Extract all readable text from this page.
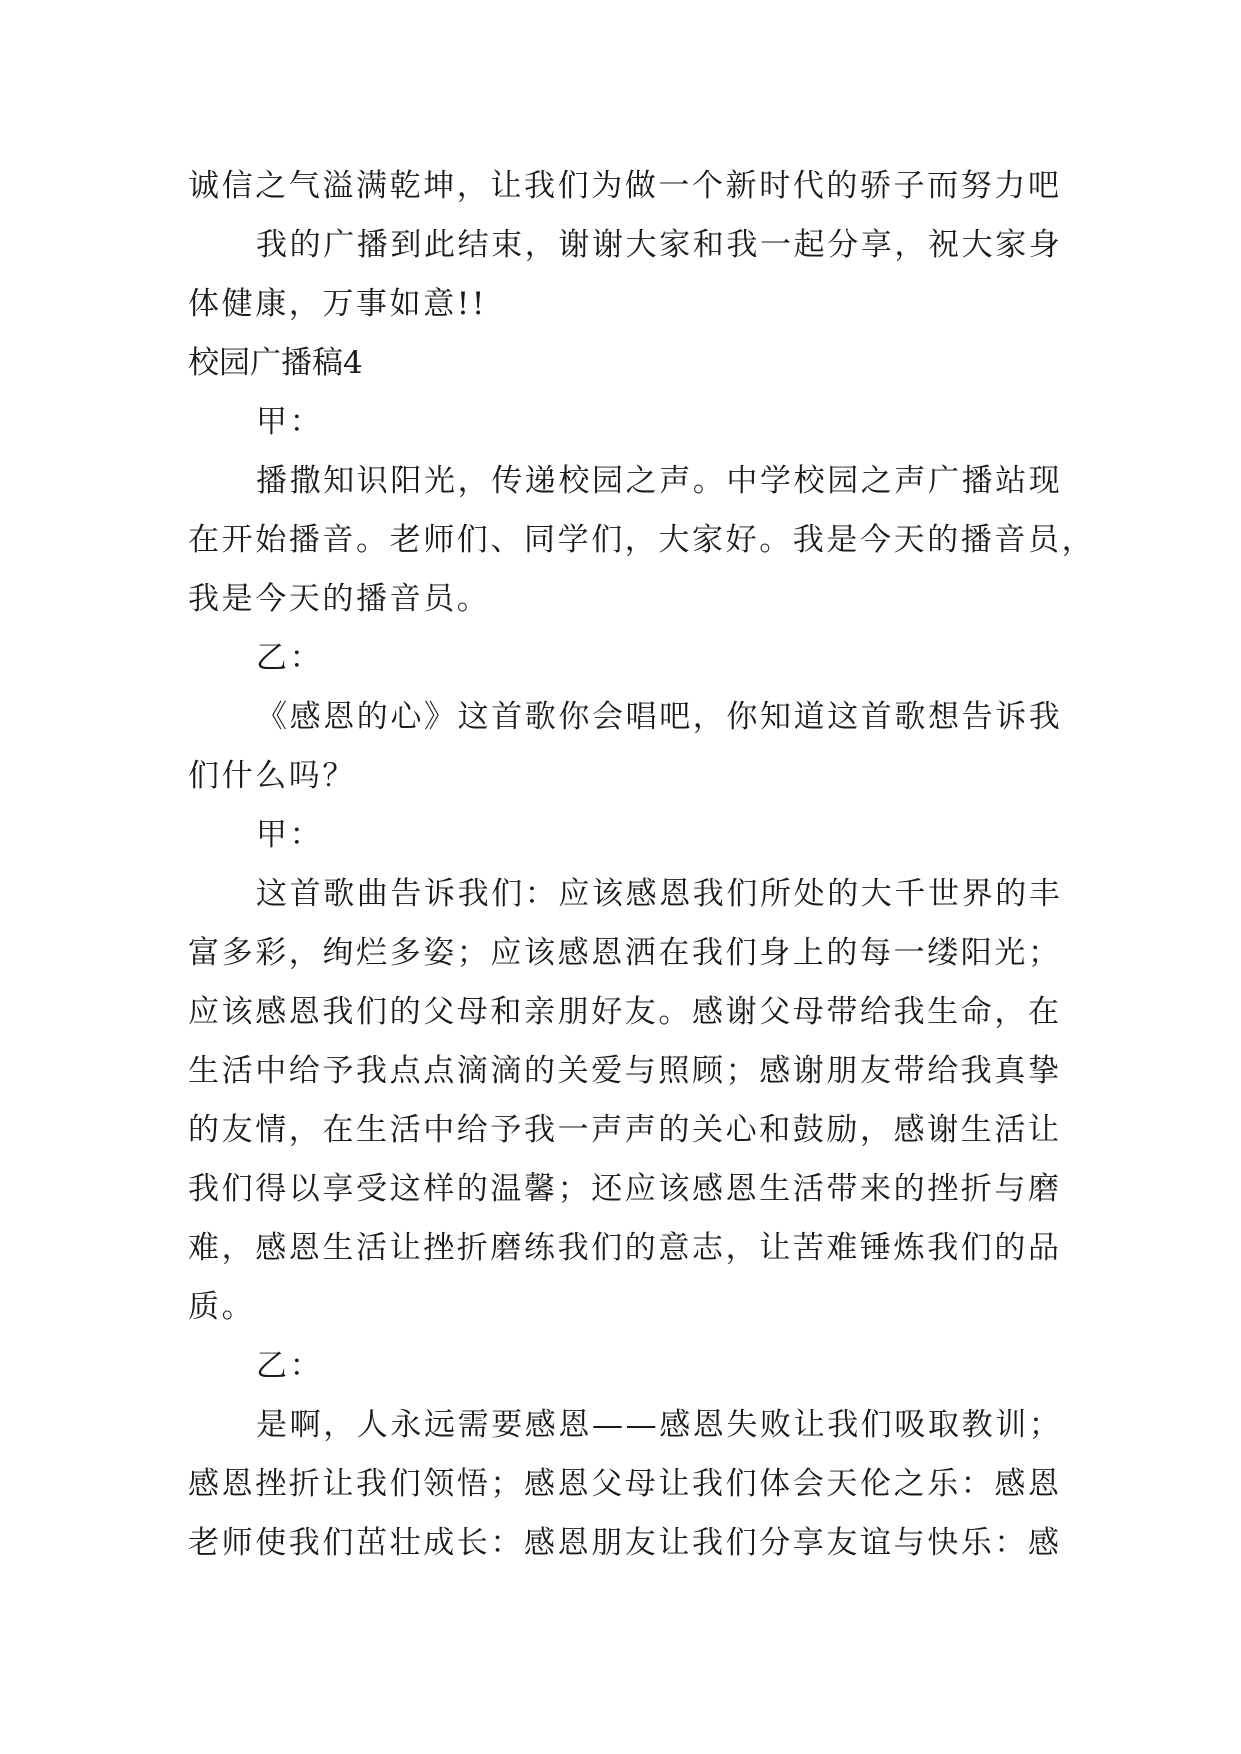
诚信之气溢满乾坤，让我们为做一个新时代的骄子而努力吧
我的广播到此结束，谢谢大家和我一起分享，祝大家身
体健康，万事如意!!
校园广播稿4
甲：
播撒知识阳光，传递校园之声。中学校园之声广播站现
在开始播音。老师们、同学们，大家好。我是今天的播音员，
我是今天的播音员。
乙：
《感恩的心》这首歌你会唱吧，你知道这首歌想告诉我
们什么吗？
甲：
这首歌曲告诉我们：应该感恩我们所处的大千世界的丰
富多彩，绚烂多姿；应该感恩洒在我们身上的每一缕阳光；
应该感恩我们的父母和亲朋好友。感谢父母带给我生命，在
生活中给予我点点滴滴的关爱与照顾；感谢朋友带给我真挚
的友情，在生活中给予我一声声的关心和鼓励，感谢生活让
我们得以享受这样的温馨；还应该感恩生活带来的挫折与磨
难，感恩生活让挫折磨练我们的意志，让苦难锤炼我们的品
质。
乙：
是啊，人永远需要感恩——感恩失败让我们吸取教训；
感恩挫折让我们领悟；感恩父母让我们体会天伦之乐：感恩
老师使我们茁壮成长：感恩朋友让我们分享友谊与快乐：感
